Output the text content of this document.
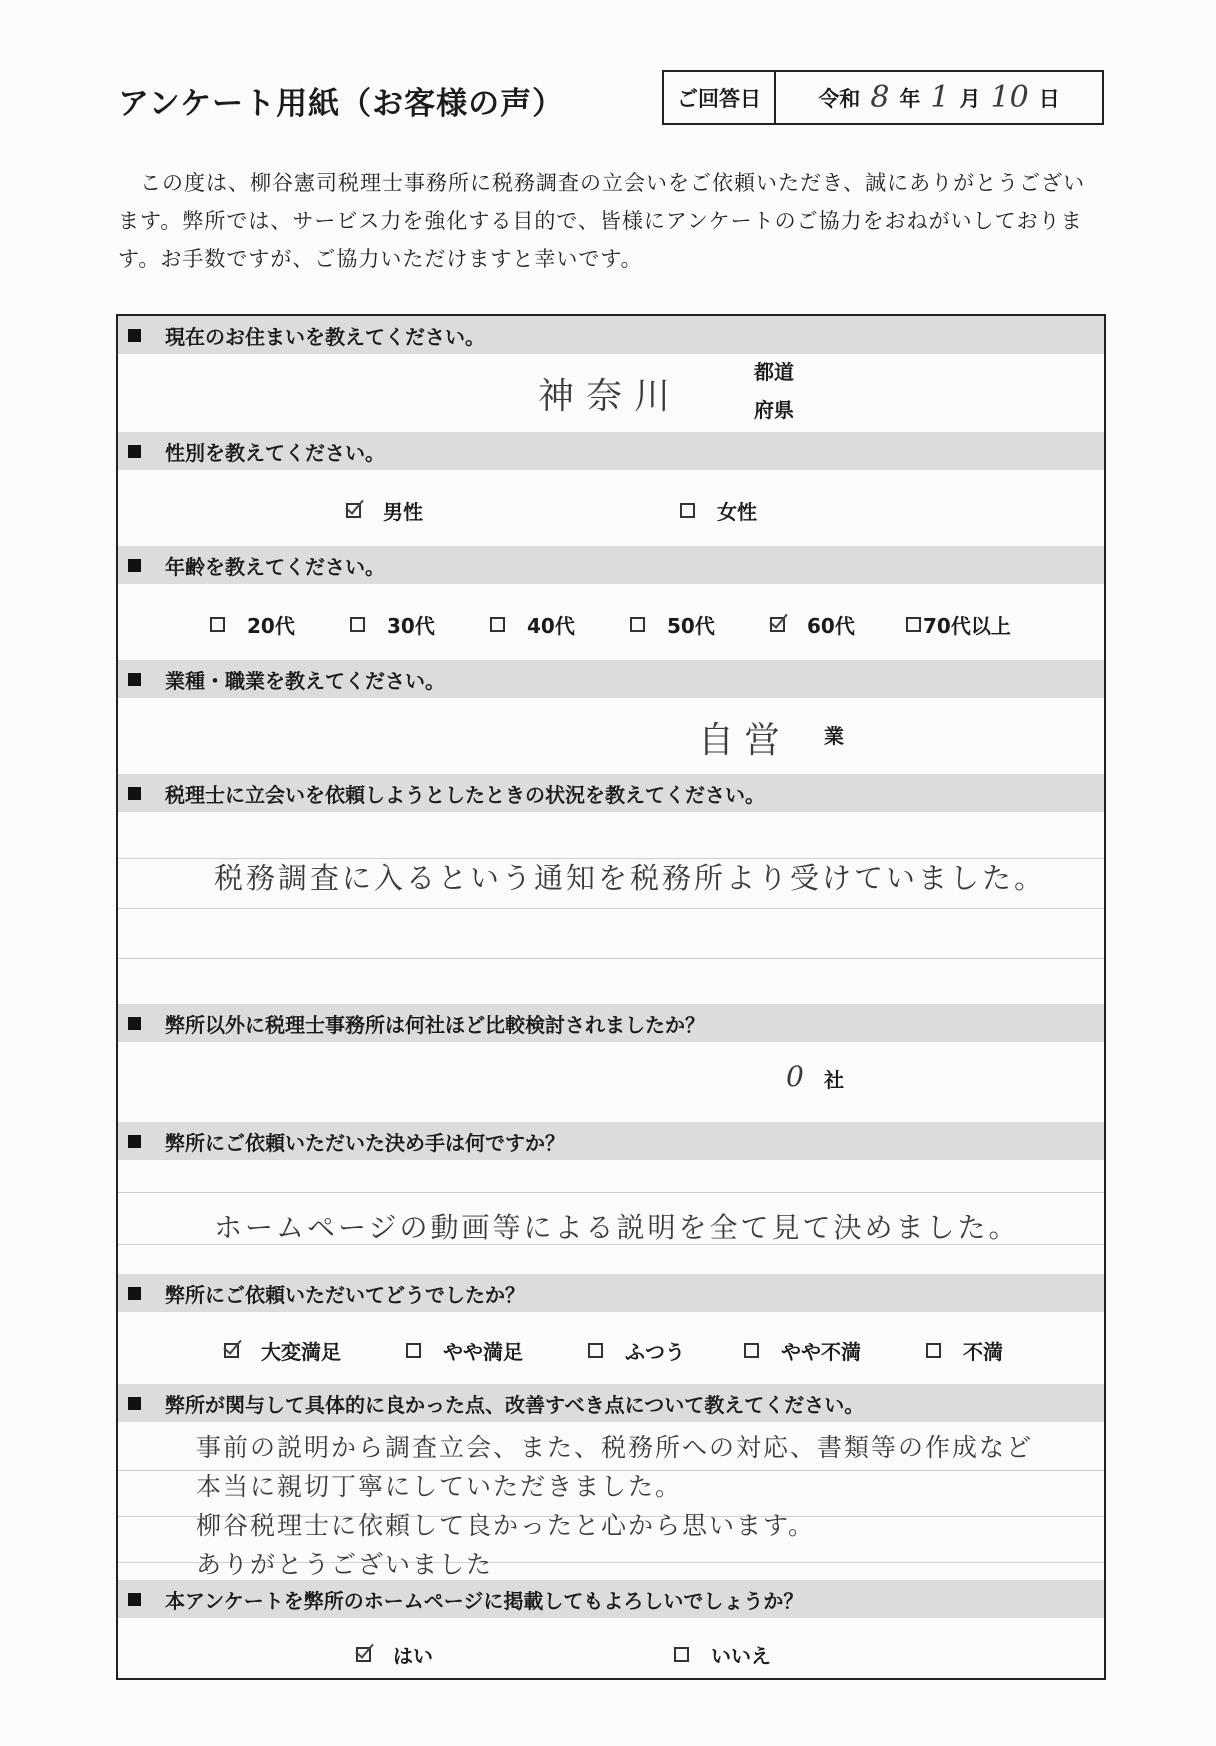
アンケート用紙（お客様の声）	ご回答日	令和 8 年 1 月 10 日
この度は、柳谷憲司税理士事務所に税務調査の立会いをご依頼いただき、誠にありがとうございます。弊所では、サービス力を強化する目的で、皆様にアンケートのご協力をおねがいしております。お手数ですが、ご協力いただけますと幸いです。
現在のお住まいを教えてください。
神奈川
都道
府県
性別を教えてください。
男性	女性
年齢を教えてください。
20代	30代	40代	50代	60代	70代以上
業種・職業を教えてください。
自営 業
税理士に立会いを依頼しようとしたときの状況を教えてください。
税務調査に入るという通知を税務所より受けていました。
弊所以外に税理士事務所は何社ほど比較検討されましたか？
0 社
弊所にご依頼いただいた決め手は何ですか？
ホームページの動画等による説明を全て見て決めました。
弊所にご依頼いただいてどうでしたか？
大変満足	やや満足	ふつう	やや不満	不満
弊所が関与して具体的に良かった点、改善すべき点について教えてください。
事前の説明から調査立会、また、税務所への対応、書類等の作成など
本当に親切丁寧にしていただきました。
柳谷税理士に依頼して良かったと心から思います。
ありがとうございました
本アンケートを弊所のホームページに掲載してもよろしいでしょうか？
はい	いいえ
